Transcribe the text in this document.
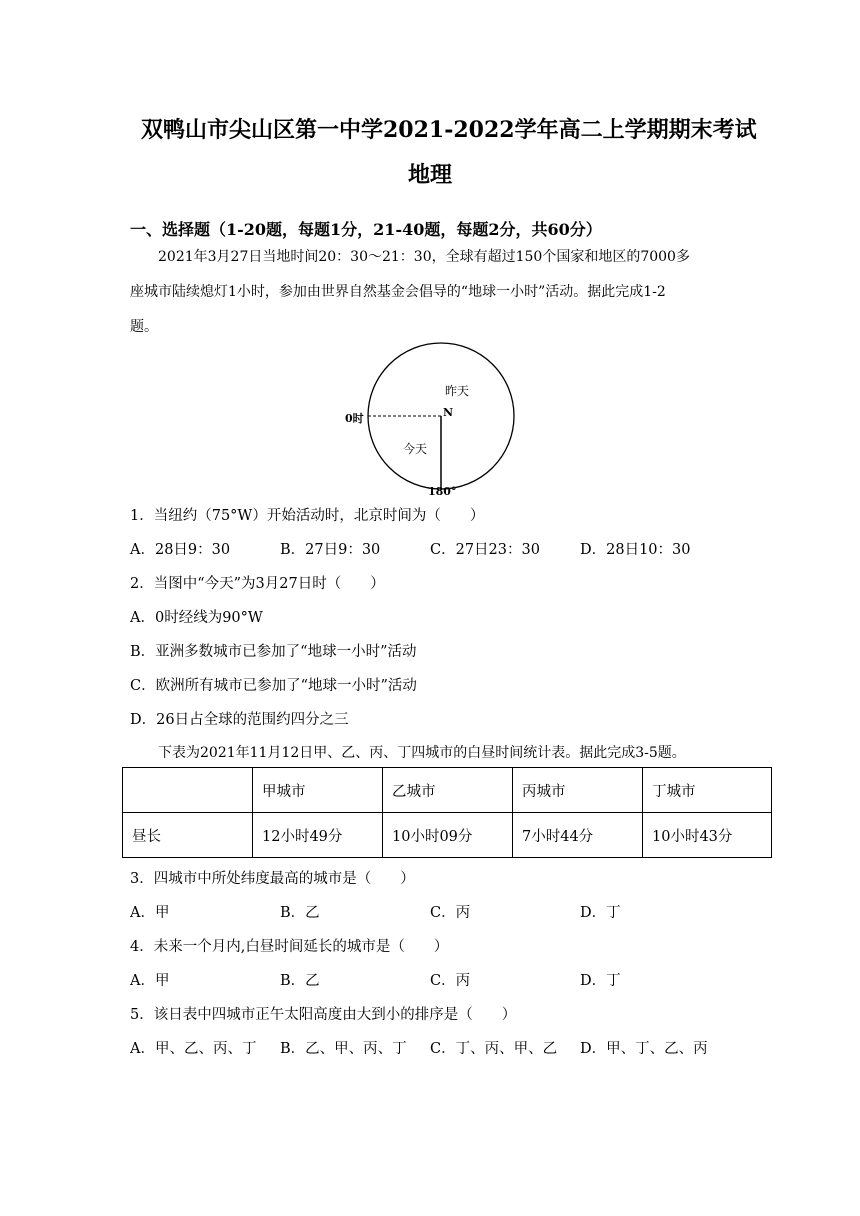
双鸭山市尖山区第一中学2021-2022学年高二上学期期末考试
地理
一、选择题（1-20题，每题1分，21-40题，每题2分，共60分）
2021年3月27日当地时间20：30～21：30，全球有超过150个国家和地区的7000多
座城市陆续熄灯1小时，参加由世界自然基金会倡导的“地球一小时”活动。据此完成1-2
题。
昨天
N
0时
今天
180°
1．当纽约（75°W）开始活动时，北京时间为（　　）
A．28日9：30	B．27日9：30	C．27日23：30	D．28日10：30
2．当图中“今天”为3月27日时（　　）
A．0时经线为90°W
B．亚洲多数城市已参加了“地球一小时”活动
C．欧洲所有城市已参加了“地球一小时”活动
D．26日占全球的范围约四分之三
下表为2021年11月12日甲、乙、丙、丁四城市的白昼时间统计表。据此完成3-5题。
	甲城市	乙城市	丙城市	丁城市
昼长	12小时49分	10小时09分	7小时44分	10小时43分
3．四城市中所处纬度最高的城市是（　　）
A．甲	B．乙	C．丙	D．丁
4．未来一个月内,白昼时间延长的城市是（　　）
A．甲	B．乙	C．丙	D．丁
5．该日表中四城市正午太阳高度由大到小的排序是（　　）
A．甲、乙、丙、丁 B．乙、甲、丙、丁 C．丁、丙、甲、乙 D．甲、丁、乙、丙
